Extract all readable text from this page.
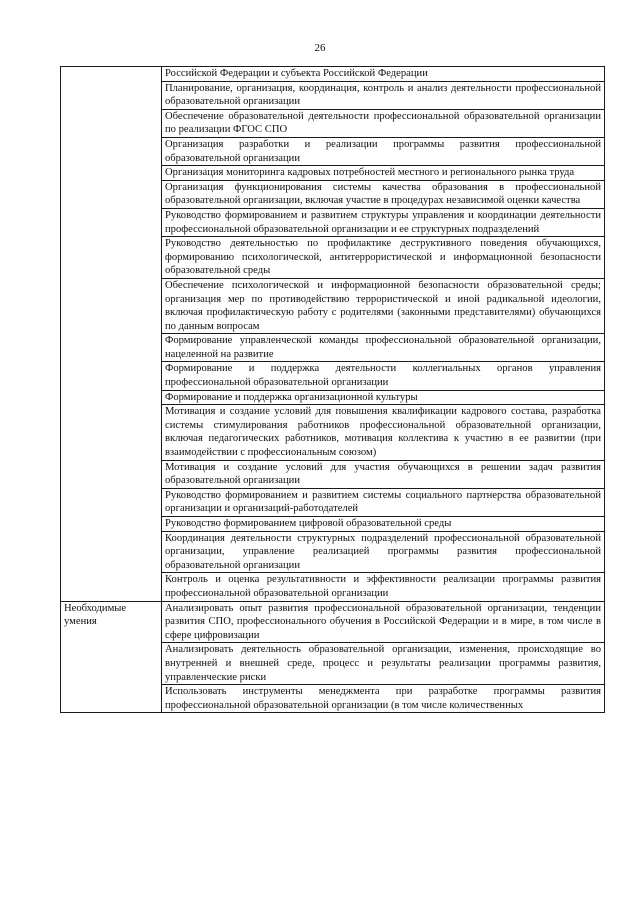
26
	Российской Федерации и субъекта Российской Федерации
	Планирование, организация, координация, контроль и анализ деятельности профессиональной образовательной организации
	Обеспечение образовательной деятельности профессиональной образовательной организации по реализации ФГОС СПО
	Организация разработки и реализации программы развития профессиональной образовательной организации
	Организация мониторинга кадровых потребностей местного и регионального рынка труда
	Организация функционирования системы качества образования в профессиональной образовательной организации, включая участие в процедурах независимой оценки качества
	Руководство формированием и развитием структуры управления и координации деятельности профессиональной образовательной организации и ее структурных подразделений
	Руководство деятельностью по профилактике деструктивного поведения обучающихся, формированию психологической, антитеррористической и информационной безопасности образовательной среды
	Обеспечение психологической и информационной безопасности образовательной среды; организация мер по противодействию террористической и иной радикальной идеологии, включая профилактическую работу с родителями (законными представителями) обучающихся по данным вопросам
	Формирование управленческой команды профессиональной образовательной организации, нацеленной на развитие
	Формирование и поддержка деятельности коллегиальных органов управления профессиональной образовательной организации
	Формирование и поддержка организационной культуры
	Мотивация и создание условий для повышения квалификации кадрового состава, разработка системы стимулирования работников профессиональной образовательной организации, включая педагогических работников, мотивация коллектива к участию в ее развитии (при взаимодействии с профессиональным союзом)
	Мотивация и создание условий для участия обучающихся в решении задач развития образовательной организации
	Руководство формированием и развитием системы социального партнерства образовательной организации и организаций-работодателей
	Руководство формированием цифровой образовательной среды
	Координация деятельности структурных подразделений профессиональной образовательной организации, управление реализацией программы развития профессиональной образовательной организации
	Контроль и оценка результативности и эффективности реализации программы развития профессиональной образовательной организации
Необходимые умения	Анализировать опыт развития профессиональной образовательной организации, тенденции развития СПО, профессионального обучения в Российской Федерации и в мире, в том числе в сфере цифровизации
	Анализировать деятельность образовательной организации, изменения, происходящие во внутренней и внешней среде, процесс и результаты реализации программы развития, управленческие риски
	Использовать инструменты менеджмента при разработке программы развития профессиональной образовательной организации (в том числе количественных
